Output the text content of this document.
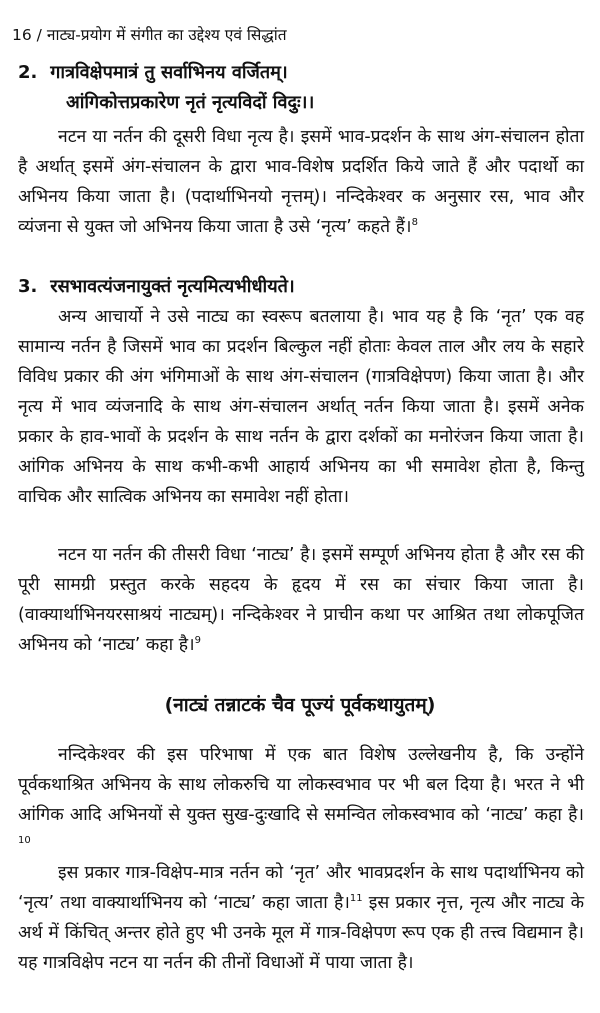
16 / नाट्य-प्रयोग में संगीत का उद्देश्य एवं सिद्धांत
2. गात्रविक्षेपमात्रं तु सर्वाभिनय वर्जितम्।
आंगिकोत्तप्रकारेण नृतं नृत्यविदों विदुः।।

नटन या नर्तन की दूसरी विधा नृत्य है। इसमें भाव-प्रदर्शन के साथ अंग-संचालन होता है अर्थात् इसमें अंग-संचालन के द्वारा भाव-विशेष प्रदर्शित किये जाते हैं और पदार्थो का अभिनय किया जाता है। (पदार्थाभिनयो नृत्तम्)। नन्दिकेश्वर क अनुसार रस, भाव और व्यंजना से युक्त जो अभिनय किया जाता है उसे ‘नृत्य’ कहते हैं।$^8$

3. रसभावत्यंजनायुक्तं नृत्यमित्यभीधीयते।

अन्य आचार्यो ने उसे नाट्य का स्वरूप बतलाया है। भाव यह है कि ‘नृत’ एक वह सामान्य नर्तन है जिसमें भाव का प्रदर्शन बिल्कुल नहीं होताः केवल ताल और लय के सहारे विविध प्रकार की अंग भंगिमाओं के साथ अंग-संचालन (गात्रविक्षेपण) किया जाता है। और नृत्य में भाव व्यंजनादि के साथ अंग-संचालन अर्थात् नर्तन किया जाता है। इसमें अनेक प्रकार के हाव-भावों के प्रदर्शन के साथ नर्तन के द्वारा दर्शकों का मनोरंजन किया जाता है। आंगिक अभिनय के साथ कभी-कभी आहार्य अभिनय का भी समावेश होता है, किन्तु वाचिक और सात्विक अभिनय का समावेश नहीं होता।

नटन या नर्तन की तीसरी विधा ‘नाट्य’ है। इसमें सम्पूर्ण अभिनय होता है और रस की पूरी सामग्री प्रस्तुत करके सहदय के हृदय में रस का संचार किया जाता है। (वाक्यार्थाभिनयरसाश्रयं नाट्यम्)। नन्दिकेश्वर ने प्राचीन कथा पर आश्रित तथा लोकपूजित अभिनय को ‘नाट्य’ कहा है।$^9$

(नाट्यं तन्नाटकं चैव पूज्यं पूर्वकथायुतम्)

नन्दिकेश्वर की इस परिभाषा में एक बात विशेष उल्लेखनीय है, कि उन्होंने पूर्वकथाश्रित अभिनय के साथ लोकरुचि या लोकस्वभाव पर भी बल दिया है। भरत ने भी आंगिक आदि अभिनयों से युक्त सुख-दुःखादि से समन्वित लोकस्वभाव को ‘नाट्य’ कहा है।$^{10}$

इस प्रकार गात्र-विक्षेप-मात्र नर्तन को ‘नृत’ और भावप्रदर्शन के साथ पदार्थाभिनय को ‘नृत्य’ तथा वाक्यार्थाभिनय को ‘नाट्य’ कहा जाता है।$^{11}$ इस प्रकार नृत्त, नृत्य और नाट्य के अर्थ में किंचित् अन्तर होते हुए भी उनके मूल में गात्र-विक्षेपण रूप एक ही तत्त्व विद्यमान है। यह गात्रविक्षेप नटन या नर्तन की तीनों विधाओं में पाया जाता है।
